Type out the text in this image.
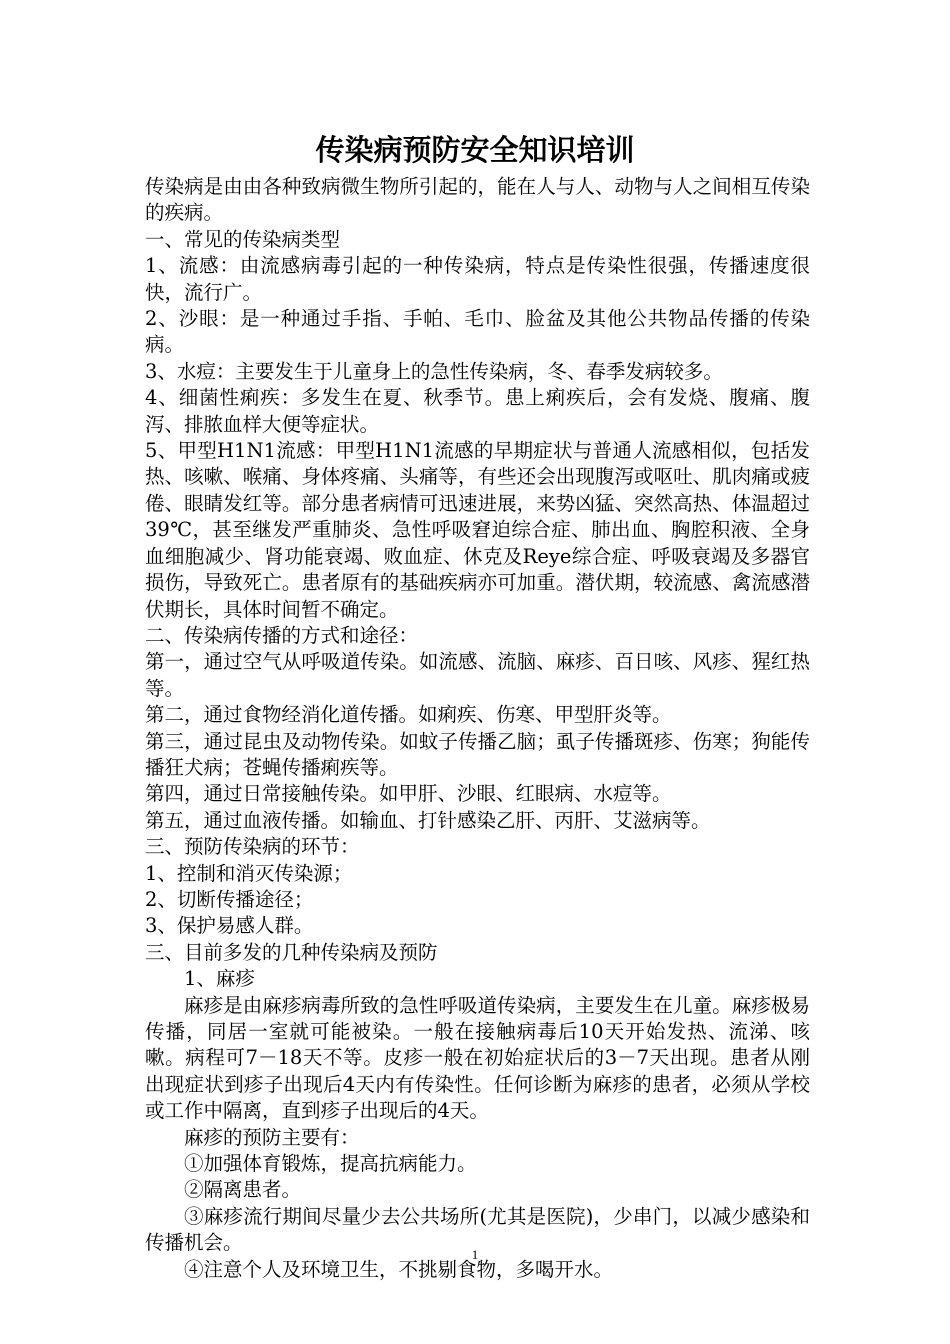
传染病预防安全知识培训

传染病是由由各种致病微生物所引起的，能在人与人、动物与人之间相互传染的疾病。

一、常见的传染病类型

1、流感：由流感病毒引起的一种传染病，特点是传染性很强，传播速度很快，流行广。

2、沙眼：是一种通过手指、手帕、毛巾、脸盆及其他公共物品传播的传染病。

3、水痘：主要发生于儿童身上的急性传染病，冬、春季发病较多。

4、细菌性痢疾：多发生在夏、秋季节。患上痢疾后，会有发烧、腹痛、腹泻、排脓血样大便等症状。

5、甲型H1N1流感：甲型H1N1流感的早期症状与普通人流感相似，包括发热、咳嗽、喉痛、身体疼痛、头痛等，有些还会出现腹泻或呕吐、肌肉痛或疲倦、眼睛发红等。部分患者病情可迅速进展，来势凶猛、突然高热、体温超过39℃，甚至继发严重肺炎、急性呼吸窘迫综合症、肺出血、胸腔积液、全身血细胞减少、肾功能衰竭、败血症、休克及Reye综合症、呼吸衰竭及多器官损伤，导致死亡。患者原有的基础疾病亦可加重。潜伏期，较流感、禽流感潜伏期长，具体时间暂不确定。

二、传染病传播的方式和途径：

第一，通过空气从呼吸道传染。如流感、流脑、麻疹、百日咳、风疹、猩红热等。

第二，通过食物经消化道传播。如痢疾、伤寒、甲型肝炎等。

第三，通过昆虫及动物传染。如蚊子传播乙脑；虱子传播斑疹、伤寒；狗能传播狂犬病；苍蝇传播痢疾等。

第四，通过日常接触传染。如甲肝、沙眼、红眼病、水痘等。

第五，通过血液传播。如输血、打针感染乙肝、丙肝、艾滋病等。

三、预防传染病的环节：

1、控制和消灭传染源；

2、切断传播途径；

3、保护易感人群。

三、目前多发的几种传染病及预防

1、麻疹

麻疹是由麻疹病毒所致的急性呼吸道传染病，主要发生在儿童。麻疹极易传播，同居一室就可能被染。一般在接触病毒后10天开始发热、流涕、咳嗽。病程可7－18天不等。皮疹一般在初始症状后的3－7天出现。患者从刚出现症状到疹子出现后4天内有传染性。任何诊断为麻疹的患者，必须从学校或工作中隔离，直到疹子出现后的4天。

麻疹的预防主要有：

①加强体育锻炼，提高抗病能力。

②隔离患者。

③麻疹流行期间尽量少去公共场所(尤其是医院)，少串门，以减少感染和传播机会。

④注意个人及环境卫生，不挑剔食物，多喝开水。

1
